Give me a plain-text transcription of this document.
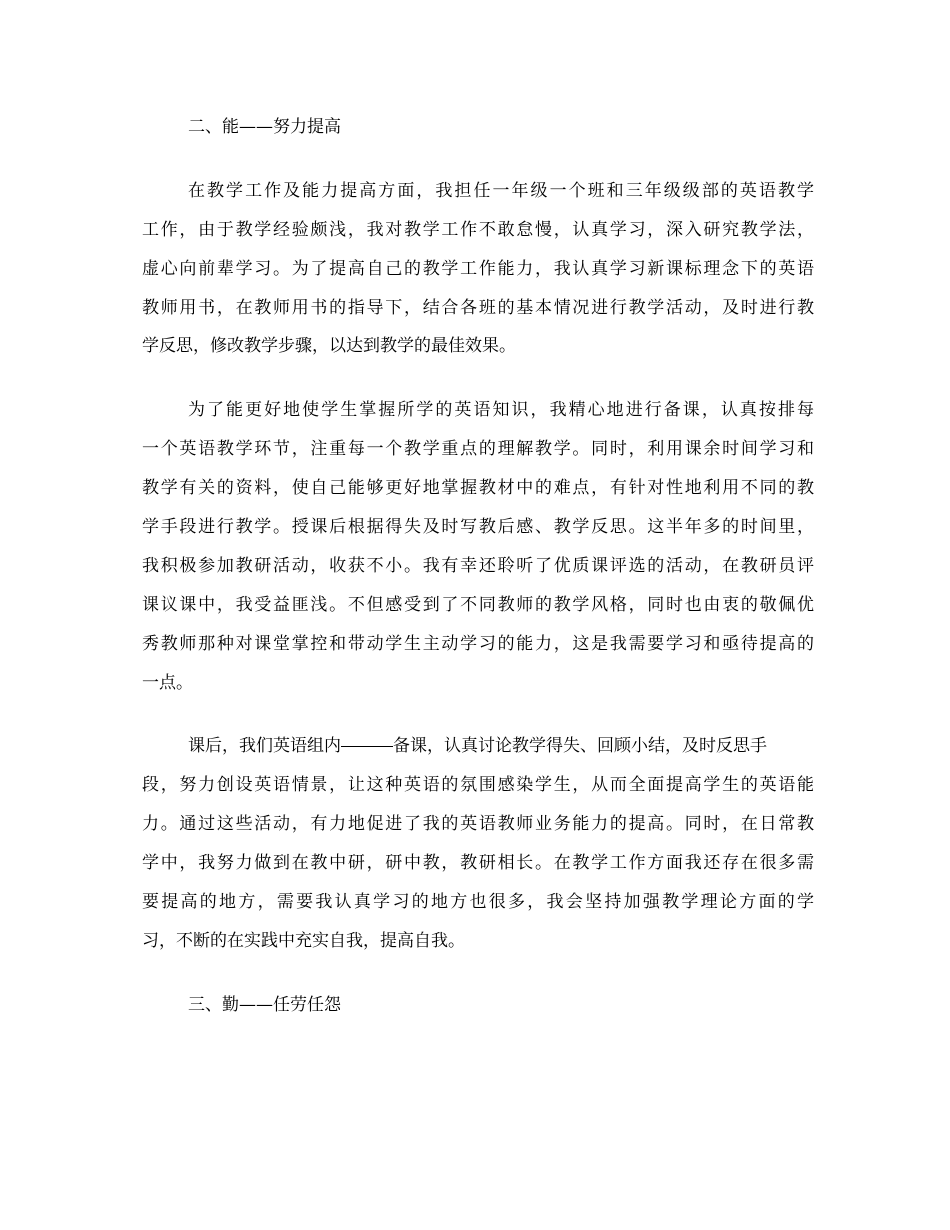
二、能——努力提高
在教学工作及能力提高方面，我担任一年级一个班和三年级级部的英语教学
工作，由于教学经验颇浅，我对教学工作不敢怠慢，认真学习，深入研究教学法，
虚心向前辈学习。为了提高自己的教学工作能力，我认真学习新课标理念下的英语
教师用书，在教师用书的指导下，结合各班的基本情况进行教学活动，及时进行教
学反思，修改教学步骤，以达到教学的最佳效果。
为了能更好地使学生掌握所学的英语知识，我精心地进行备课，认真按排每
一个英语教学环节，注重每一个教学重点的理解教学。同时，利用课余时间学习和
教学有关的资料，使自己能够更好地掌握教材中的难点，有针对性地利用不同的教
学手段进行教学。授课后根据得失及时写教后感、教学反思。这半年多的时间里，
我积极参加教研活动，收获不小。我有幸还聆听了优质课评选的活动，在教研员评
课议课中，我受益匪浅。不但感受到了不同教师的教学风格，同时也由衷的敬佩优
秀教师那种对课堂掌控和带动学生主动学习的能力，这是我需要学习和亟待提高的
一点。
课后，我们英语组内	备课，认真讨论教学得失、回顾小结，及时反思手
段，努力创设英语情景，让这种英语的氛围感染学生，从而全面提高学生的英语能
力。通过这些活动，有力地促进了我的英语教师业务能力的提高。同时，在日常教
学中，我努力做到在教中研，研中教，教研相长。在教学工作方面我还存在很多需
要提高的地方，需要我认真学习的地方也很多，我会坚持加强教学理论方面的学
习，不断的在实践中充实自我，提高自我。
三、勤——任劳任怨
